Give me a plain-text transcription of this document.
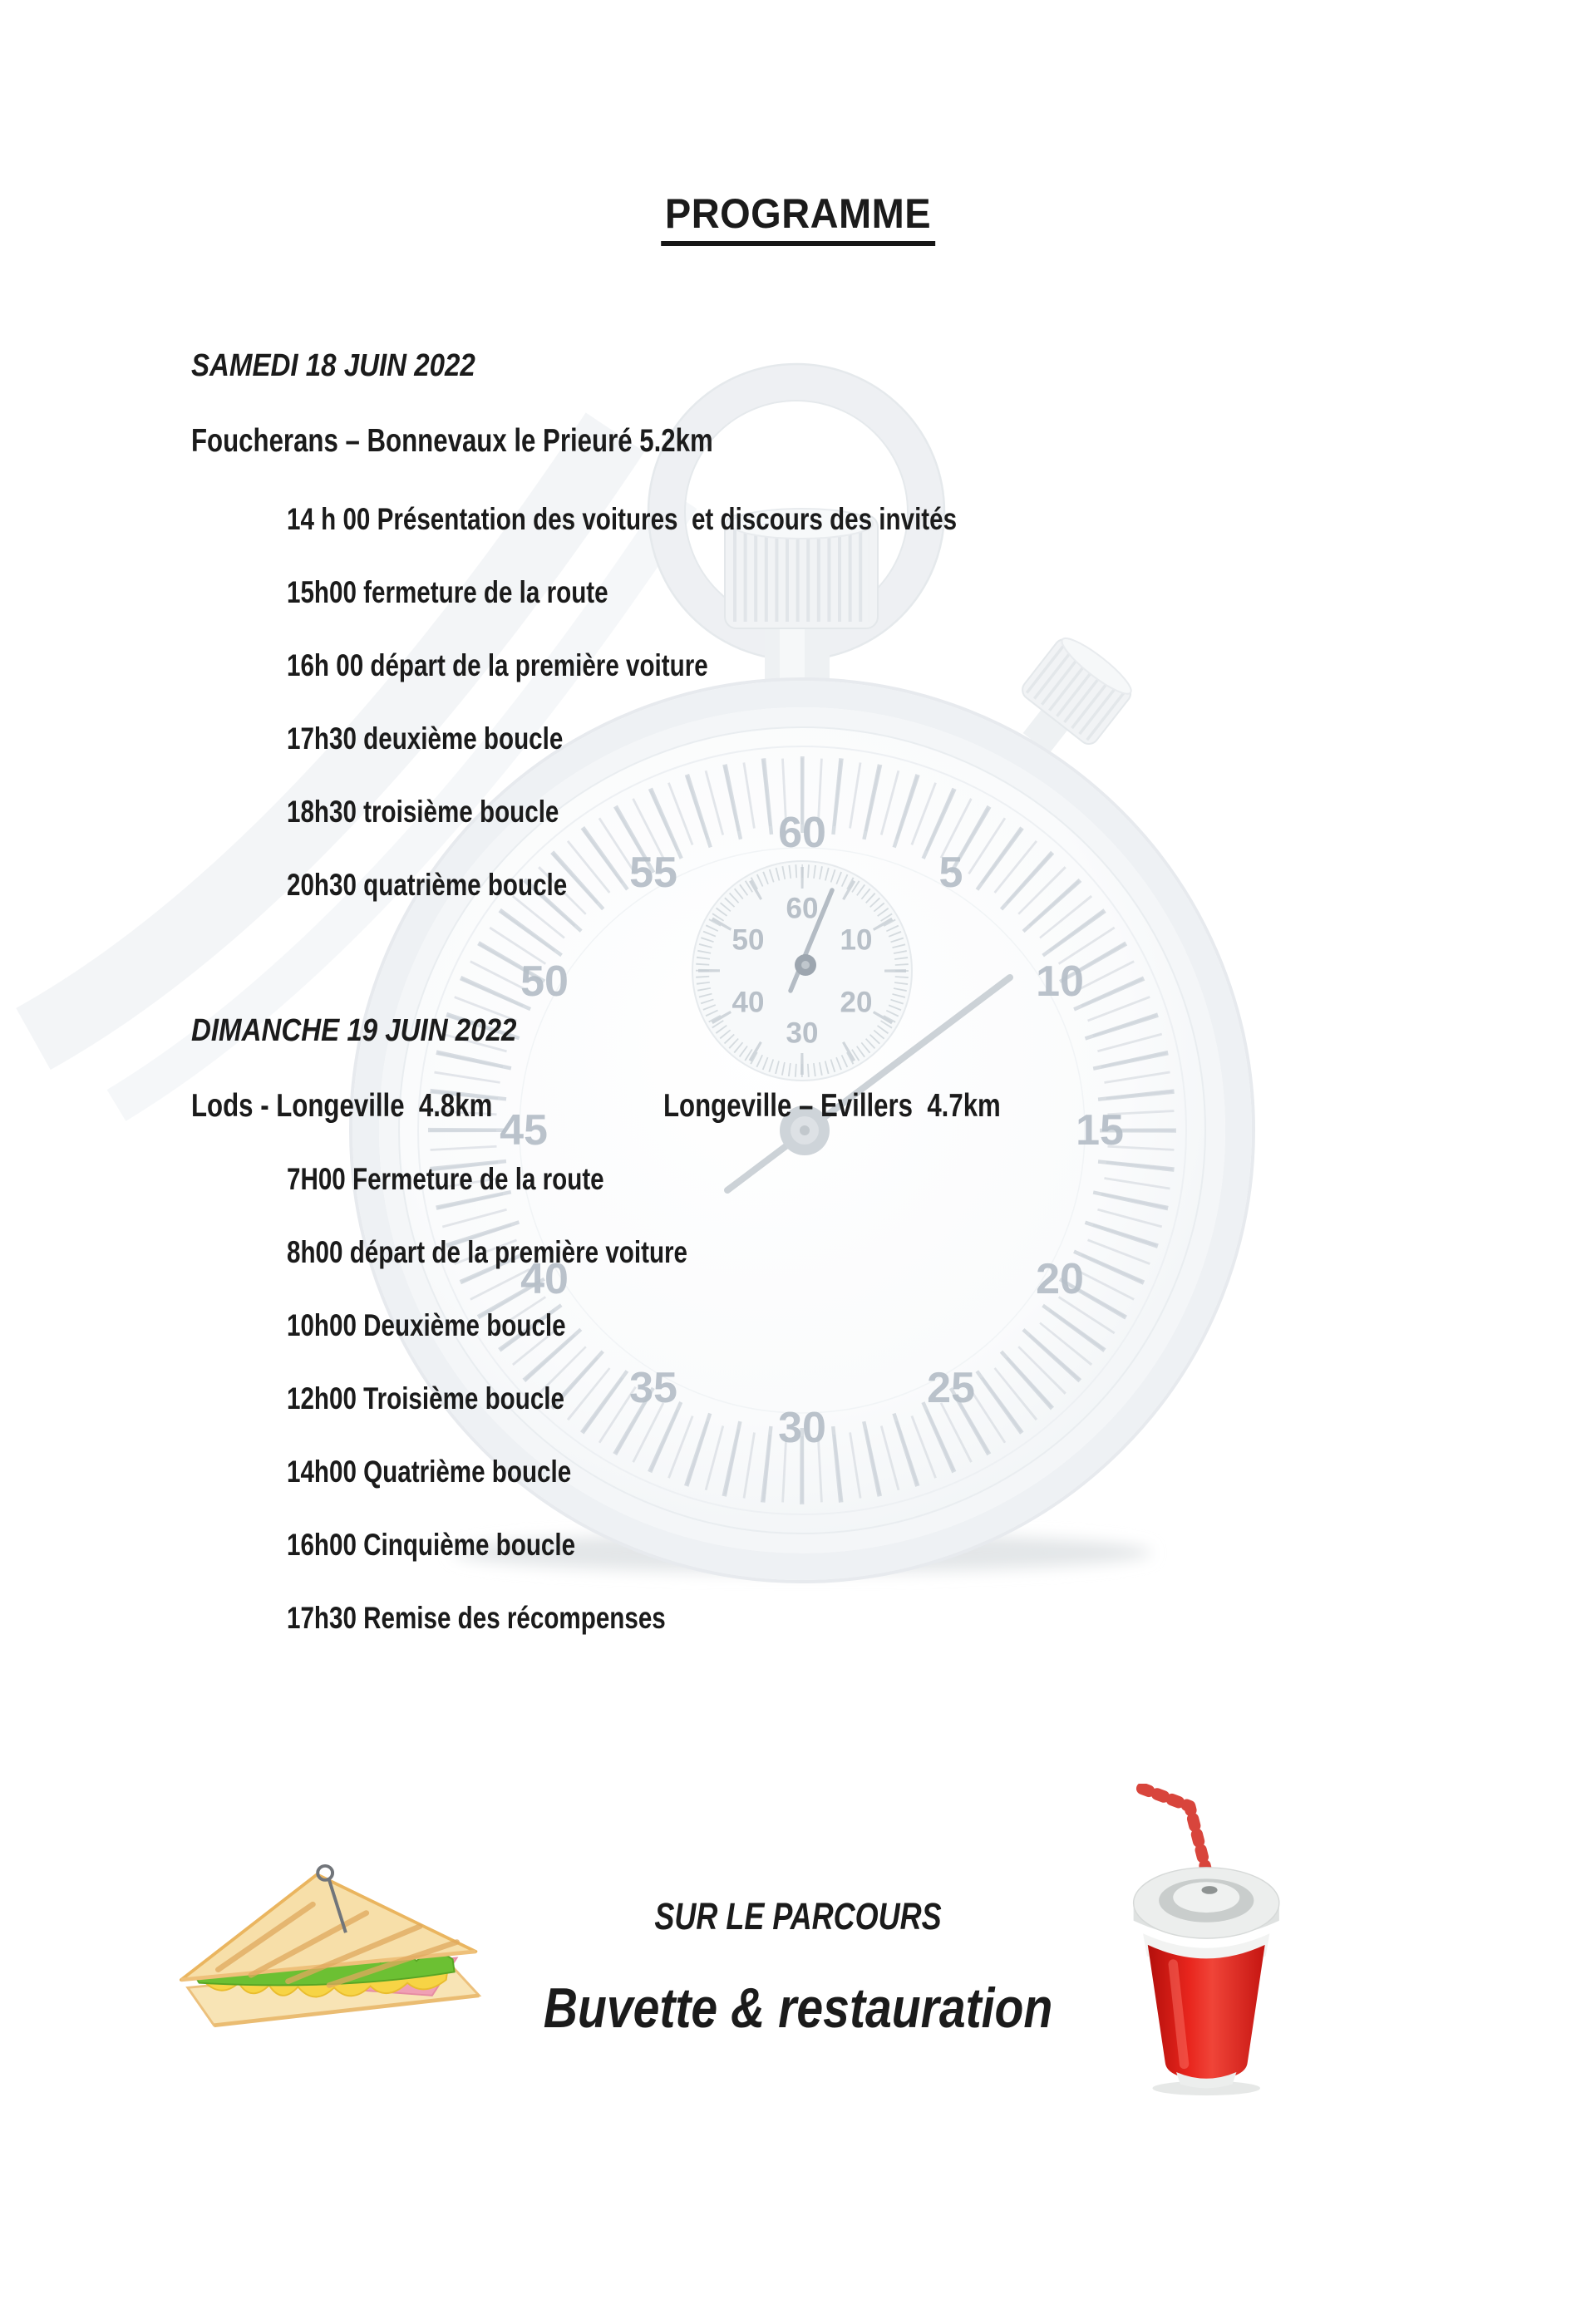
60
5
10
15
20
25
30
35
40
45
50
55
60
10
20
30
40
50
PROGRAMME
SAMEDI 18 JUIN 2022
Foucherans – Bonnevaux le Prieuré 5.2km
14 h 00 Présentation des voitures  et discours des invités
15h00 fermeture de la route
16h 00 départ de la première voiture
17h30 deuxième boucle
18h30 troisième boucle
20h30 quatrième boucle
DIMANCHE 19 JUIN 2022
Lods - Longeville  4.8km	Longeville – Evillers  4.7km
7H00 Fermeture de la route
8h00 départ de la première voiture
10h00 Deuxième boucle
12h00 Troisième boucle
14h00 Quatrième boucle
16h00 Cinquième boucle
17h30 Remise des récompenses
SUR LE PARCOURS
Buvette & restauration
